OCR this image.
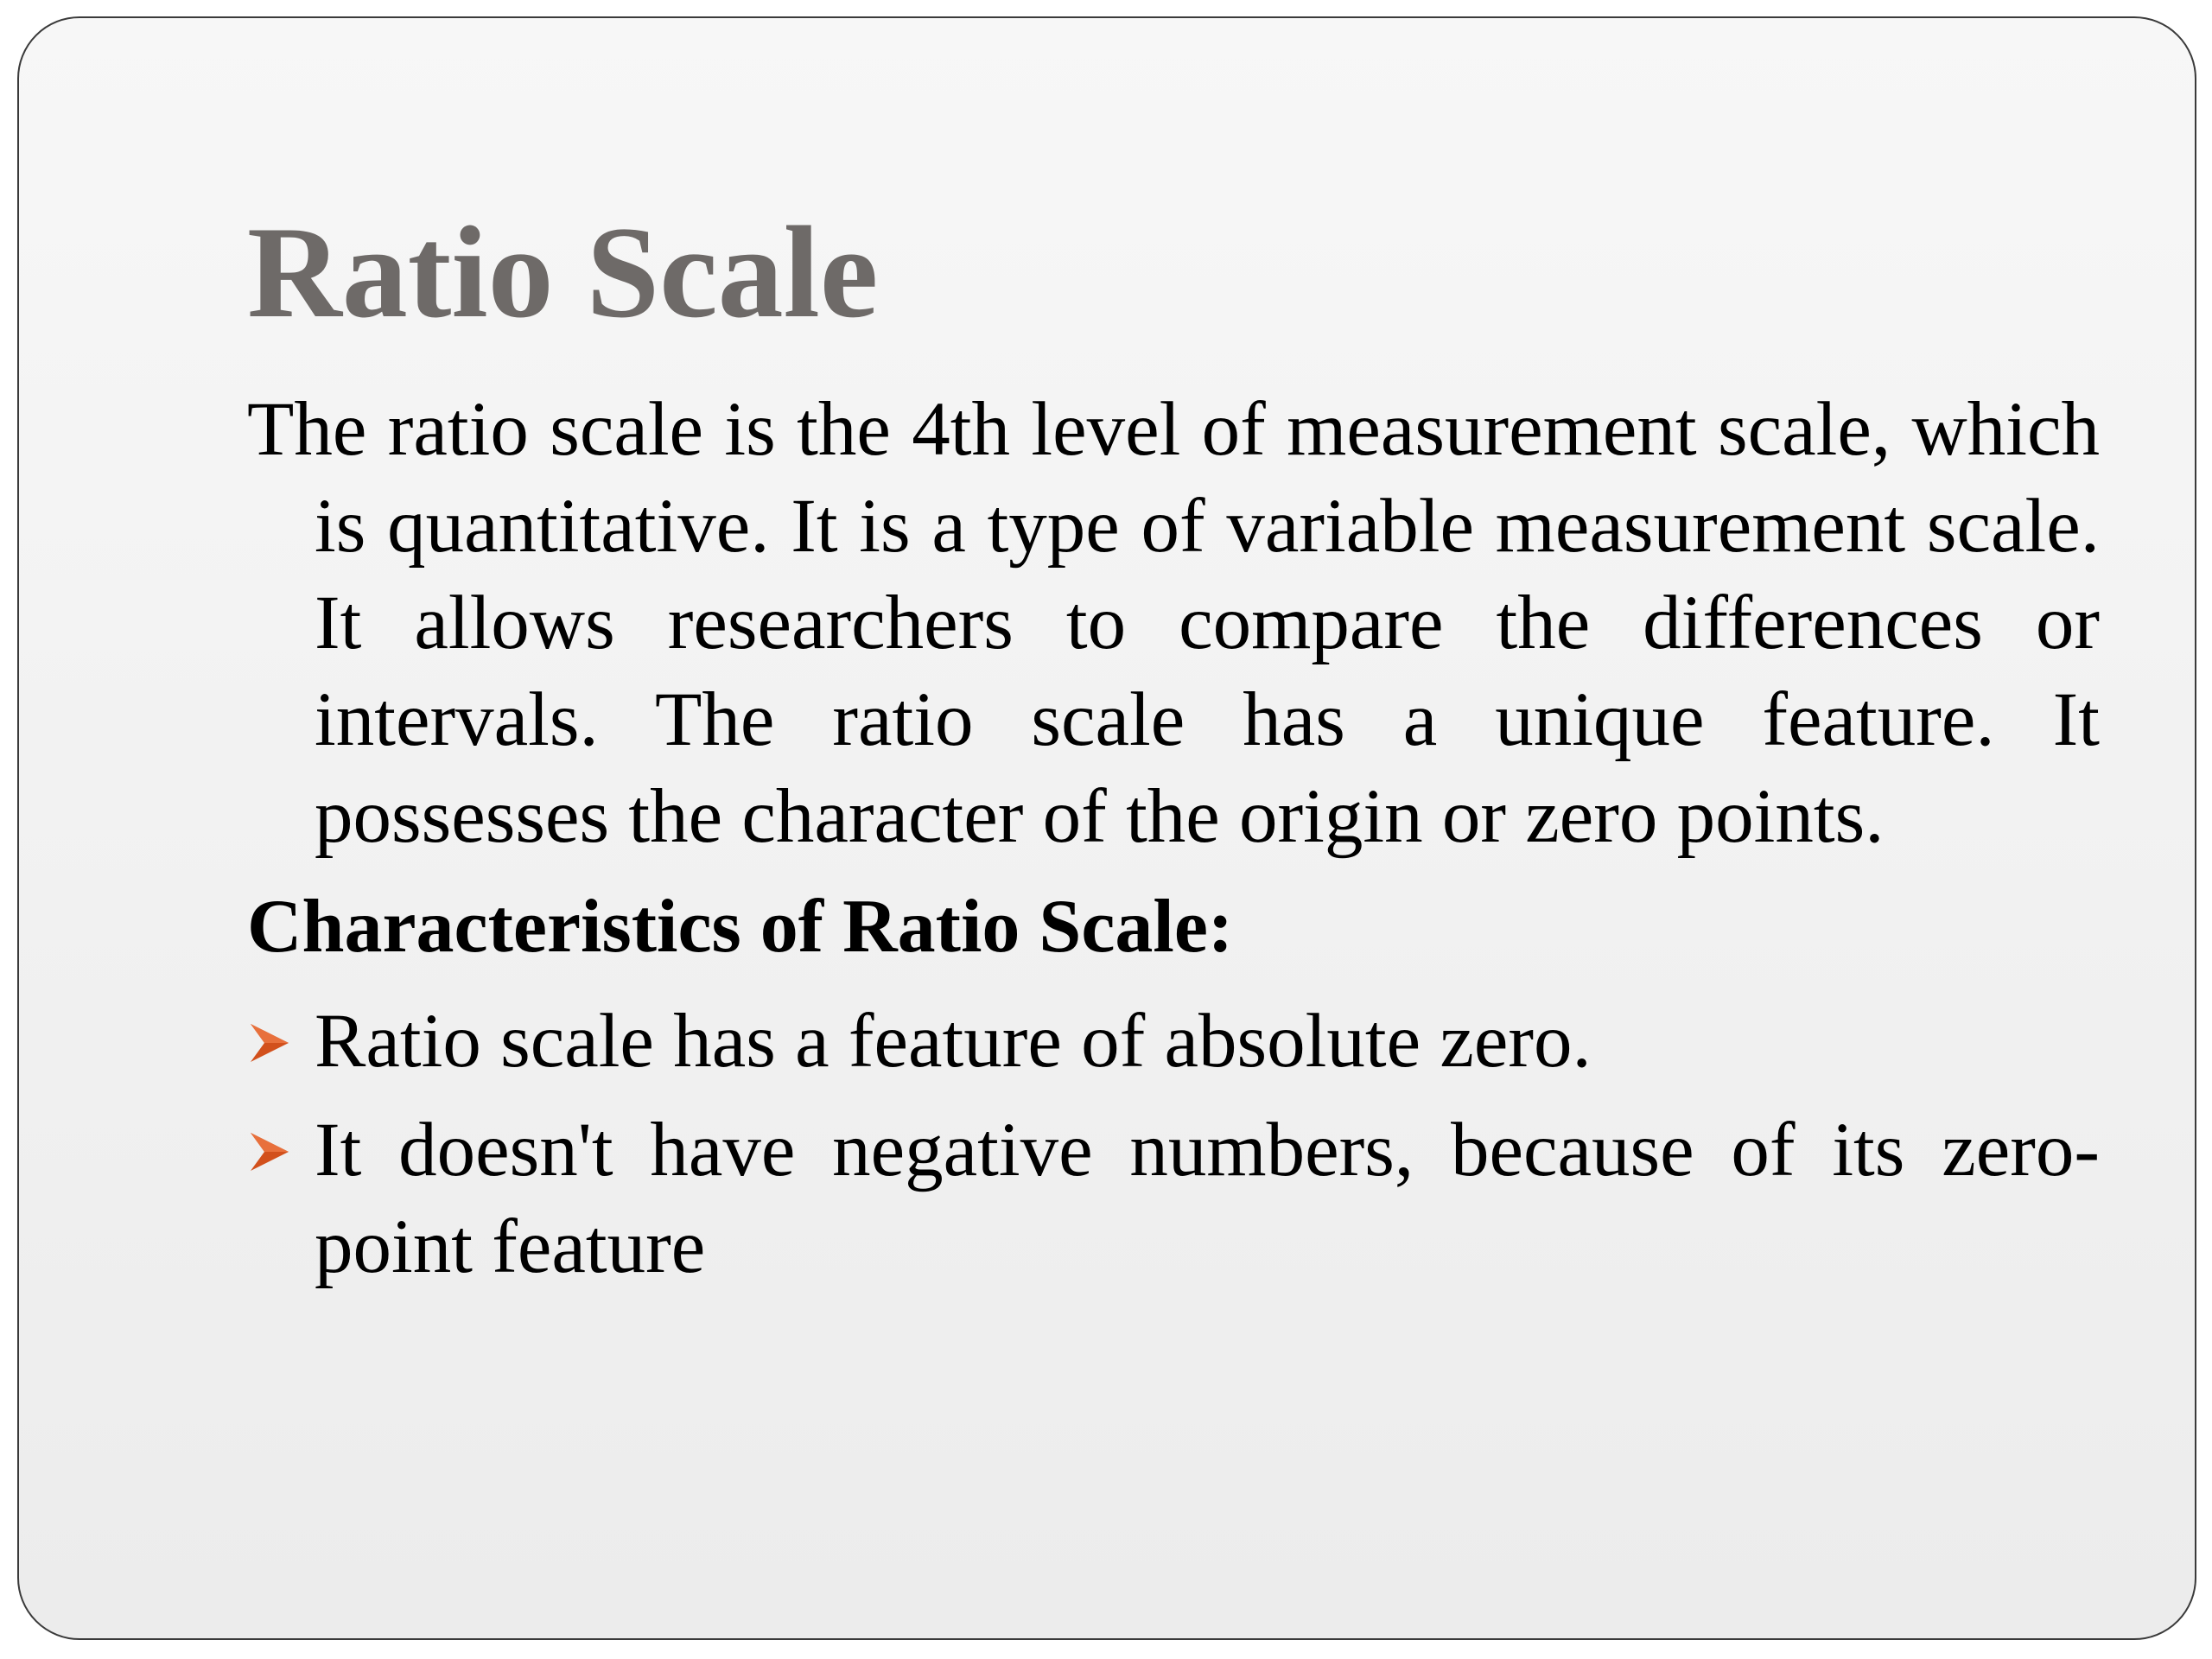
Ratio Scale

The ratio scale is the 4th level of measurement scale, which is quantitative. It is a type of variable measurement scale. It allows researchers to compare the differences or intervals. The ratio scale has a unique feature. It possesses the character of the origin or zero points.

Characteristics of Ratio Scale:

Ratio scale has a feature of absolute zero.
It doesn't have negative numbers, because of its zero-point feature
